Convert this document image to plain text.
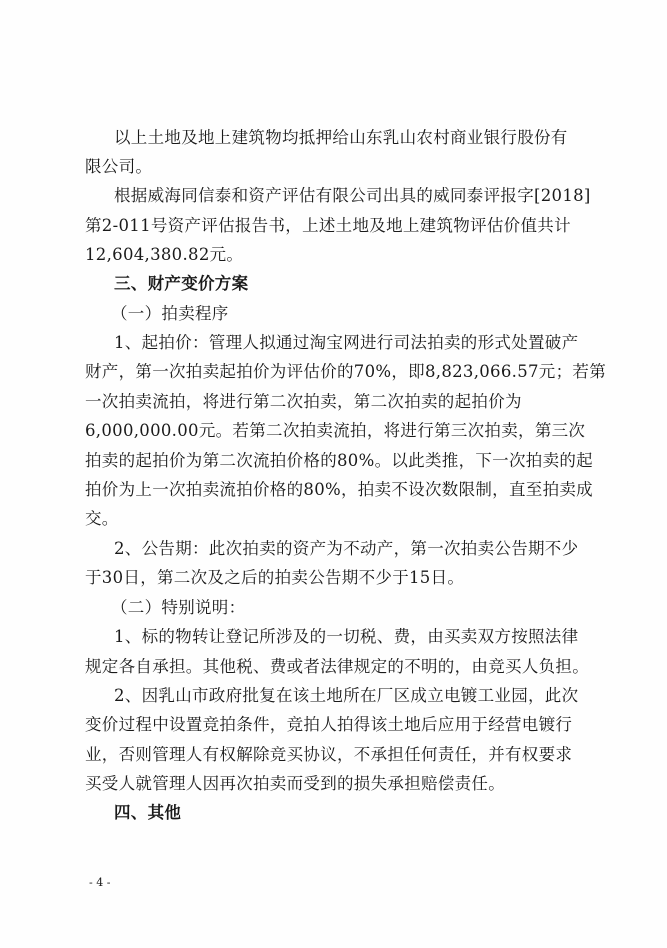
以上土地及地上建筑物均抵押给山东乳山农村商业银行股份有
限公司。
根据威海同信泰和资产评估有限公司出具的威同泰评报字[2018]
第2-011号资产评估报告书，上述土地及地上建筑物评估价值共计
12,604,380.82元。
三、财产变价方案
（一）拍卖程序
1、起拍价：管理人拟通过淘宝网进行司法拍卖的形式处置破产
财产，第一次拍卖起拍价为评估价的70%，即8,823,066.57元；若第
一次拍卖流拍，将进行第二次拍卖，第二次拍卖的起拍价为
6,000,000.00元。若第二次拍卖流拍，将进行第三次拍卖，第三次
拍卖的起拍价为第二次流拍价格的80%。以此类推，下一次拍卖的起
拍价为上一次拍卖流拍价格的80%，拍卖不设次数限制，直至拍卖成
交。
2、公告期：此次拍卖的资产为不动产，第一次拍卖公告期不少
于30日，第二次及之后的拍卖公告期不少于15日。
（二）特别说明：
1、标的物转让登记所涉及的一切税、费，由买卖双方按照法律
规定各自承担。其他税、费或者法律规定的不明的，由竞买人负担。
2、因乳山市政府批复在该土地所在厂区成立电镀工业园，此次
变价过程中设置竞拍条件，竞拍人拍得该土地后应用于经营电镀行
业，否则管理人有权解除竞买协议，不承担任何责任，并有权要求
买受人就管理人因再次拍卖而受到的损失承担赔偿责任。
四、其他
- 4 -
